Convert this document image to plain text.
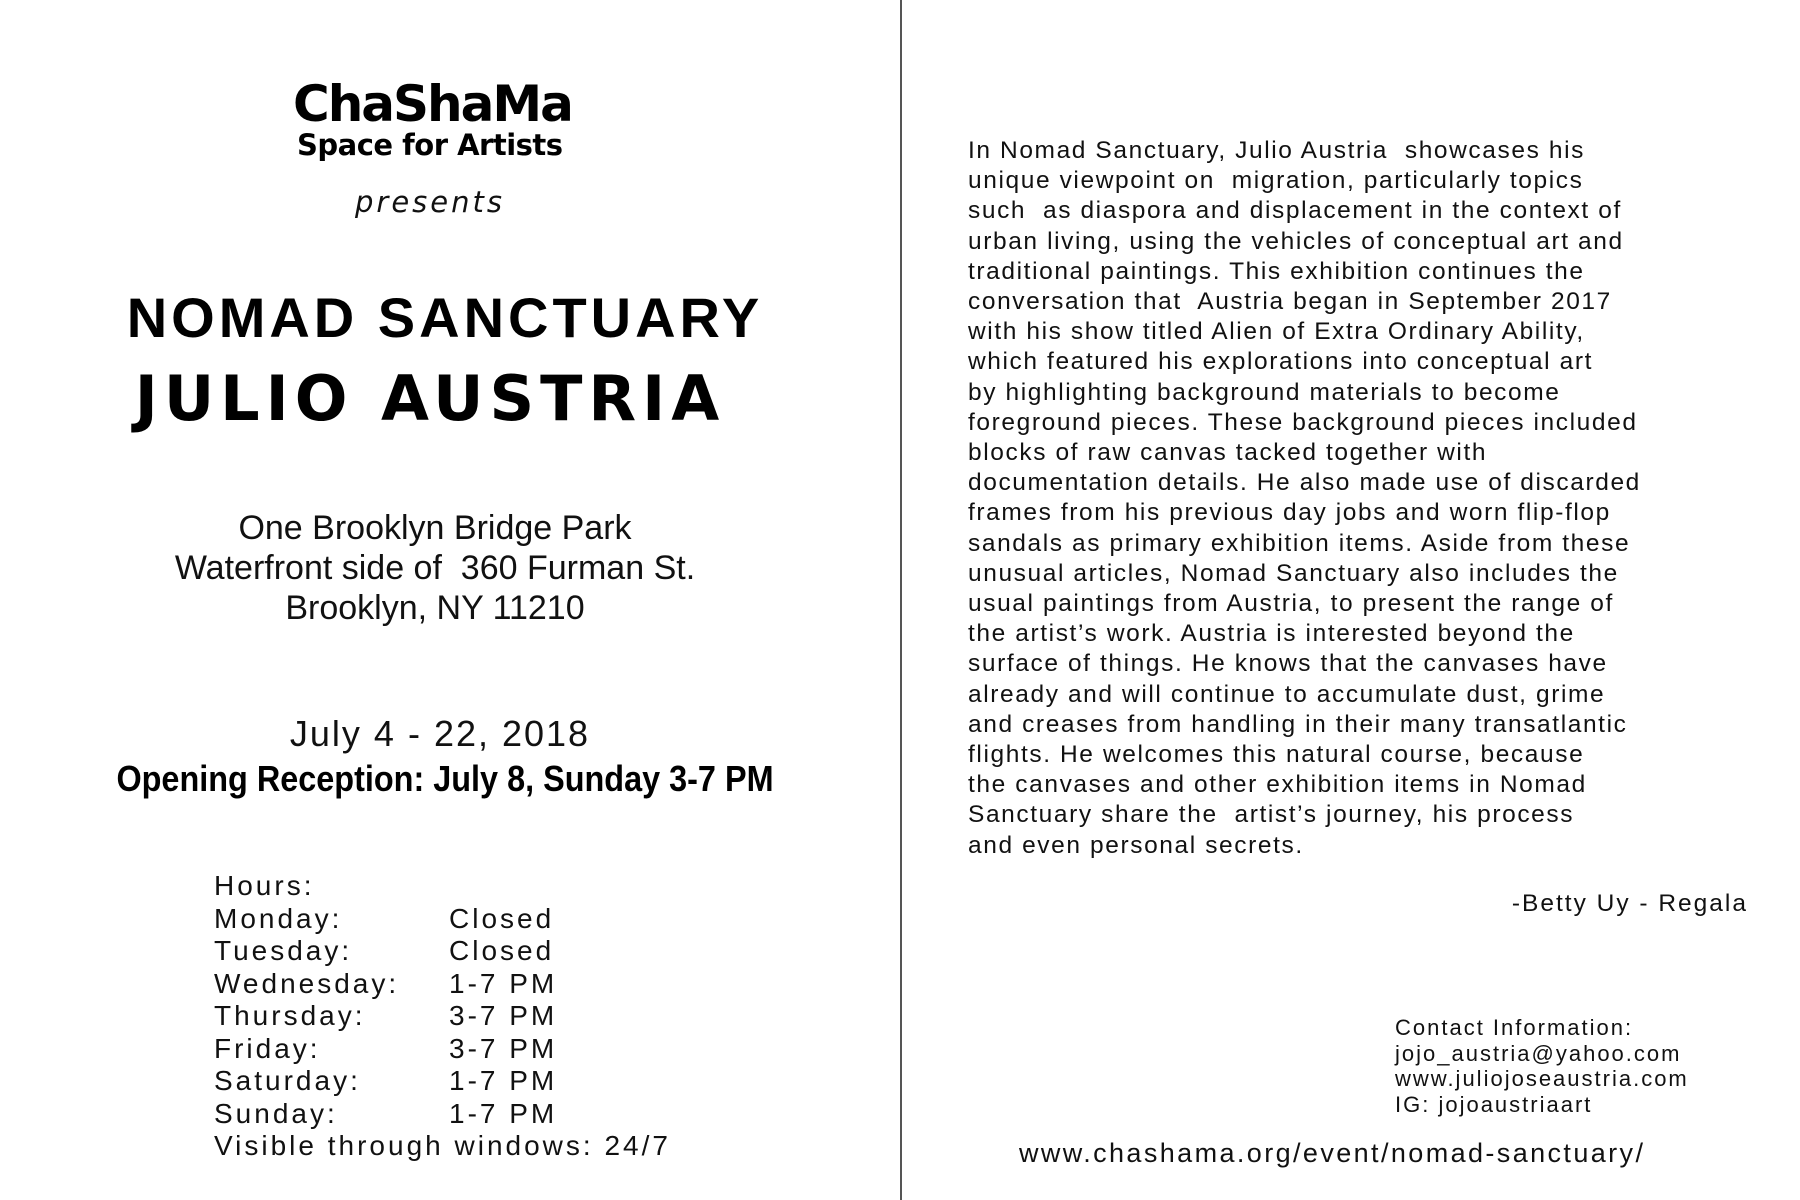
ChaShaMa
Space for Artists
presents
NOMAD SANCTUARY
JULIO AUSTRIA
One Brooklyn Bridge Park
Waterfront side of  360 Furman St.
Brooklyn, NY 11210
July 4 - 22, 2018
Opening Reception: July 8, Sunday 3-7 PM
Hours:
Monday:	Closed
Tuesday:	Closed
Wednesday: 1-7 PM
Thursday:	3-7 PM
Friday:	3-7 PM
Saturday:	1-7 PM
Sunday:	1-7 PM
Visible through windows: 24/7
In Nomad Sanctuary, Julio Austria  showcases his
unique viewpoint on  migration, particularly topics
such  as diaspora and displacement in the context of
urban living, using the vehicles of conceptual art and
traditional paintings. This exhibition continues the
conversation that  Austria began in September 2017
with his show titled Alien of Extra Ordinary Ability,
which featured his explorations into conceptual art
by highlighting background materials to become
foreground pieces. These background pieces included
blocks of raw canvas tacked together with
documentation details. He also made use of discarded
frames from his previous day jobs and worn flip-flop
sandals as primary exhibition items. Aside from these
unusual articles, Nomad Sanctuary also includes the
usual paintings from Austria, to present the range of
the artist’s work. Austria is interested beyond the
surface of things. He knows that the canvases have
already and will continue to accumulate dust, grime
and creases from handling in their many transatlantic
flights. He welcomes this natural course, because
the canvases and other exhibition items in Nomad
Sanctuary share the  artist’s journey, his process
and even personal secrets.
-Betty Uy - Regala
Contact Information:
jojo_austria@yahoo.com
www.juliojoseaustria.com
IG: jojoaustriaart
www.chashama.org/event/nomad-sanctuary/
